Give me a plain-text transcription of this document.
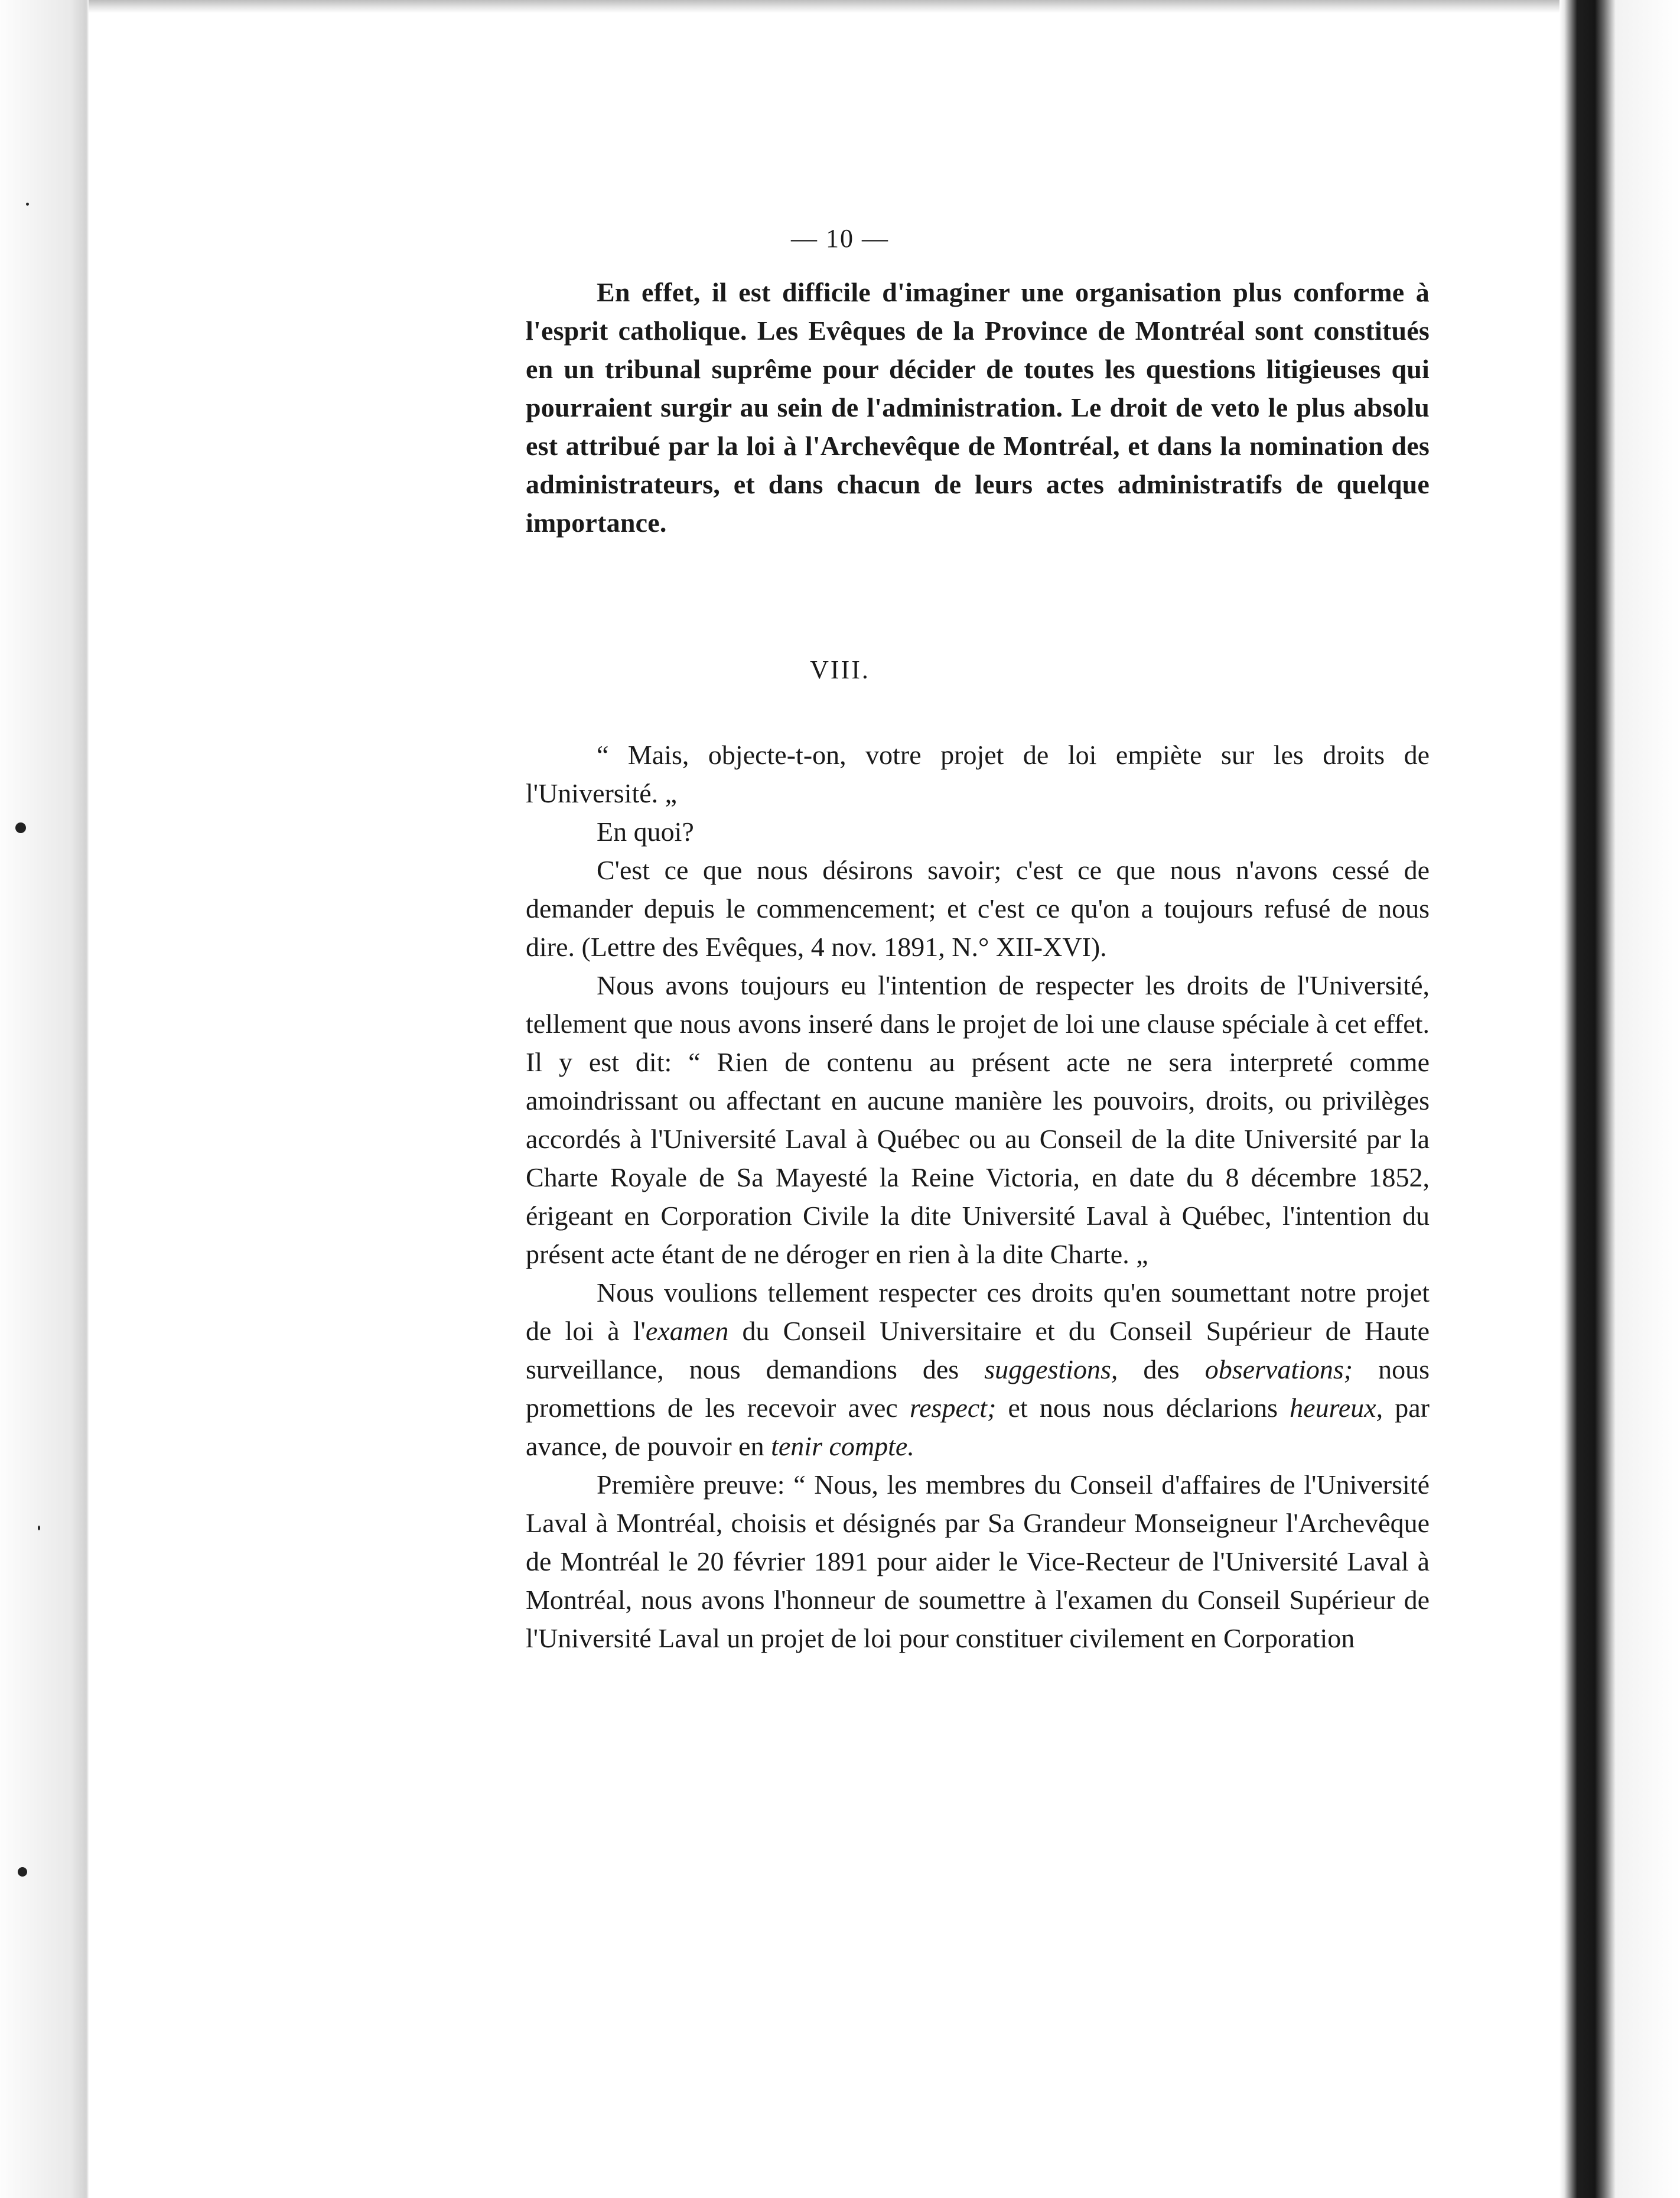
— 10 —

En effet, il est difficile d'imaginer une organisation plus conforme à l'esprit catholique. Les Evêques de la Province de Montréal sont constitués en un tribunal suprême pour décider de toutes les questions litigieuses qui pourraient surgir au sein de l'administration. Le droit de veto le plus absolu est attribué par la loi à l'Archevêque de Montréal, et dans la nomination des administrateurs, et dans chacun de leurs actes administratifs de quelque importance.

VIII.

“ Mais, objecte-t-on, votre projet de loi empiète sur les droits de l'Université. „

En quoi?

C'est ce que nous désirons savoir; c'est ce que nous n'avons cessé de demander depuis le commencement; et c'est ce qu'on a toujours refusé de nous dire. (Lettre des Evêques, 4 nov. 1891, N.° XII-XVI).

Nous avons toujours eu l'intention de respecter les droits de l'Université, tellement que nous avons inseré dans le projet de loi une clause spéciale à cet effet. Il y est dit: “ Rien de contenu au présent acte ne sera interpreté comme amoindrissant ou affectant en aucune manière les pouvoirs, droits, ou privilèges accordés à l'Université Laval à Québec ou au Conseil de la dite Université par la Charte Royale de Sa Mayesté la Reine Victoria, en date du 8 décembre 1852, érigeant en Corporation Civile la dite Université Laval à Québec, l'intention du présent acte étant de ne déroger en rien à la dite Charte. „

Nous voulions tellement respecter ces droits qu'en soumettant notre projet de loi à l'examen du Conseil Universitaire et du Conseil Supérieur de Haute surveillance, nous demandions des suggestions, des observations; nous promettions de les recevoir avec respect; et nous nous déclarions heureux, par avance, de pouvoir en tenir compte.

Première preuve: “ Nous, les membres du Conseil d'affaires de l'Université Laval à Montréal, choisis et désignés par Sa Grandeur Monseigneur l'Archevêque de Montréal le 20 février 1891 pour aider le Vice-Recteur de l'Université Laval à Montréal, nous avons l'honneur de soumettre à l'examen du Conseil Supérieur de l'Université Laval un projet de loi pour constituer civilement en Corporation
